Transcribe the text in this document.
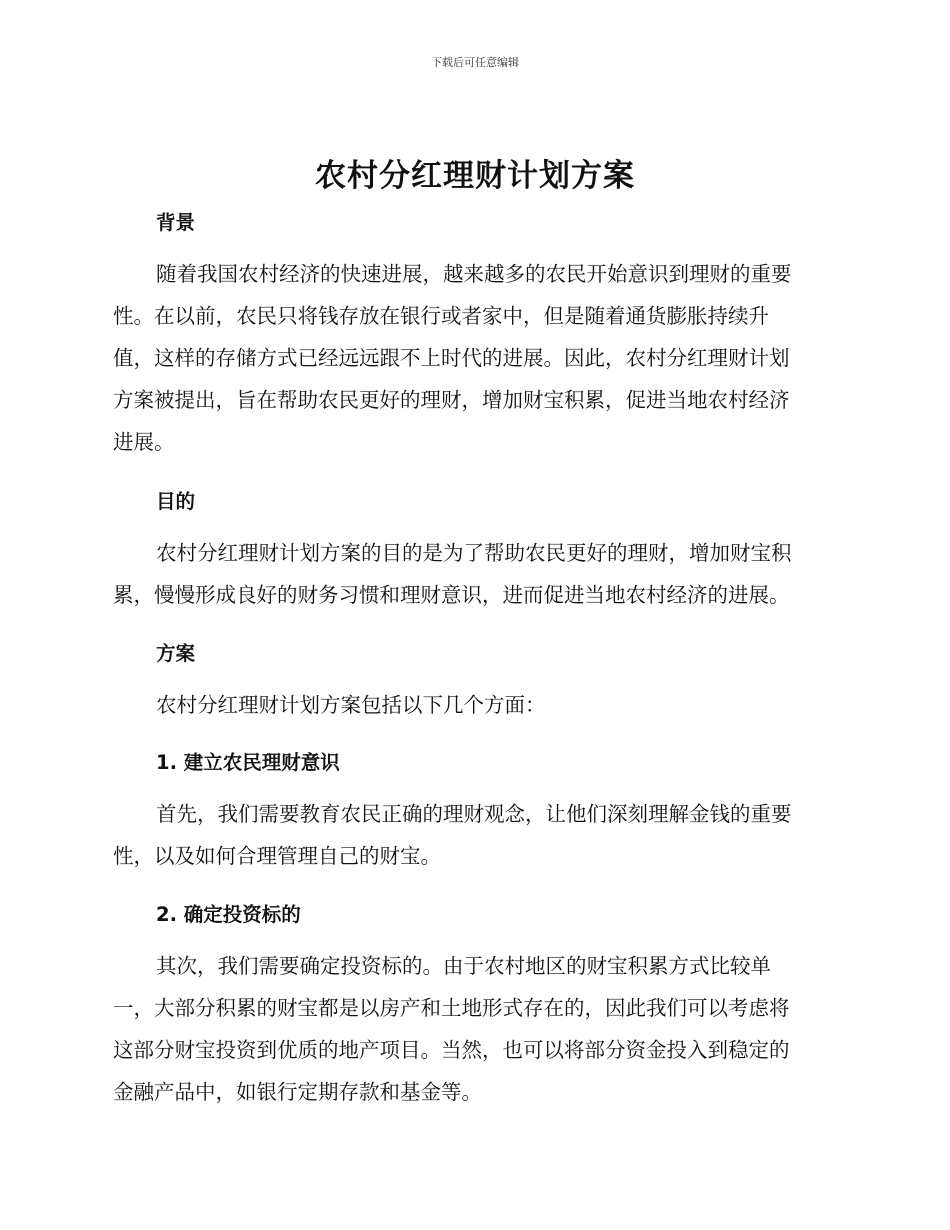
下载后可任意编辑
农村分红理财计划方案
背景
随着我国农村经济的快速进展，越来越多的农民开始意识到理财的重要
性。在以前，农民只将钱存放在银行或者家中，但是随着通货膨胀持续升
值，这样的存储方式已经远远跟不上时代的进展。因此，农村分红理财计划
方案被提出，旨在帮助农民更好的理财，增加财宝积累，促进当地农村经济
进展。
目的
农村分红理财计划方案的目的是为了帮助农民更好的理财，增加财宝积
累，慢慢形成良好的财务习惯和理财意识，进而促进当地农村经济的进展。
方案
农村分红理财计划方案包括以下几个方面：
1. 建立农民理财意识
首先，我们需要教育农民正确的理财观念，让他们深刻理解金钱的重要
性，以及如何合理管理自己的财宝。
2. 确定投资标的
其次，我们需要确定投资标的。由于农村地区的财宝积累方式比较单
一，大部分积累的财宝都是以房产和土地形式存在的，因此我们可以考虑将
这部分财宝投资到优质的地产项目。当然，也可以将部分资金投入到稳定的
金融产品中，如银行定期存款和基金等。
